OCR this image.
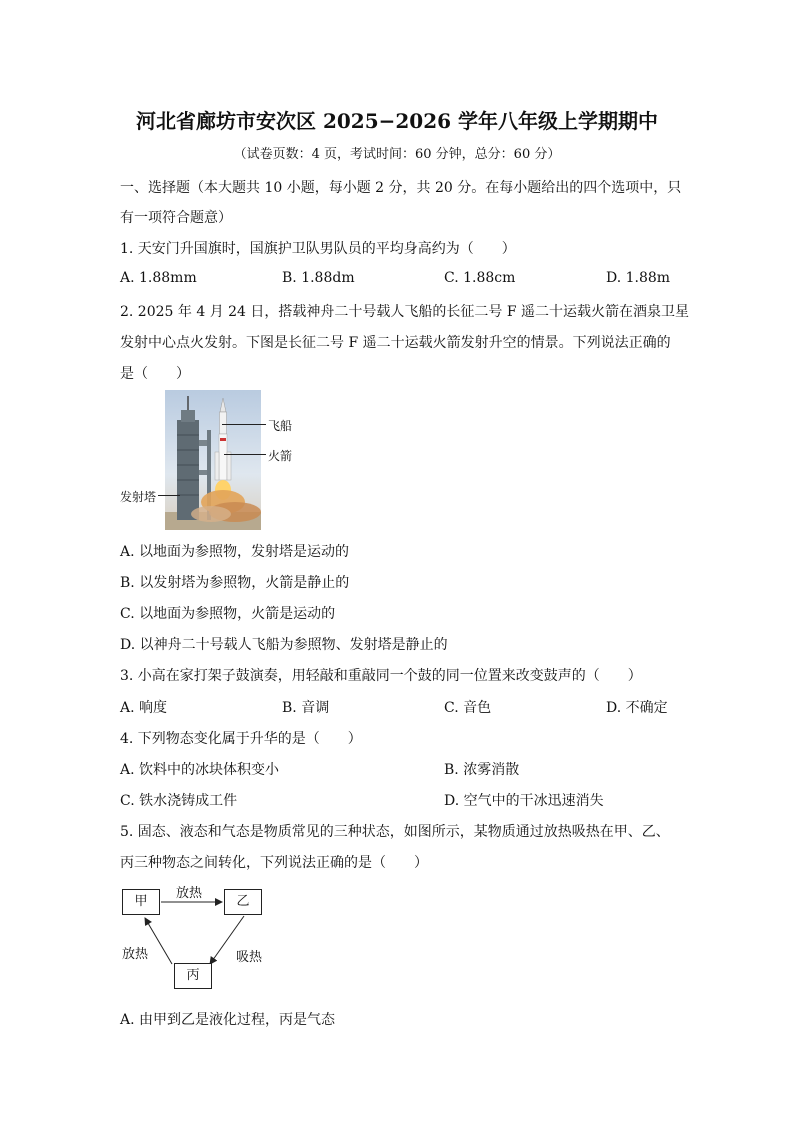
河北省廊坊市安次区 2025−2026 学年八年级上学期期中
（试卷页数：4 页，考试时间：60 分钟，总分：60 分）
一、选择题（本大题共 10 小题，每小题 2 分，共 20 分。在每小题给出的四个选项中，只
有一项符合题意）
1. 天安门升国旗时，国旗护卫队男队员的平均身高约为（　　）
A. 1.88mm	B. 1.88dm	C. 1.88cm	D. 1.88m
2. 2025 年 4 月 24 日，搭载神舟二十号载人飞船的长征二号 F 遥二十运载火箭在酒泉卫星
发射中心点火发射。下图是长征二号 F 遥二十运载火箭发射升空的情景。下列说法正确的
是（　　）
飞船
火箭
发射塔
A. 以地面为参照物，发射塔是运动的
B. 以发射塔为参照物，火箭是静止的
C. 以地面为参照物，火箭是运动的
D. 以神舟二十号载人飞船为参照物、发射塔是静止的
3. 小高在家打架子鼓演奏，用轻敲和重敲同一个鼓的同一位置来改变鼓声的（　　）
A. 响度	B. 音调	C. 音色	D. 不确定
4. 下列物态变化属于升华的是（　　）
A. 饮料中的冰块体积变小	B. 浓雾消散
C. 铁水浇铸成工件	D. 空气中的干冰迅速消失
5. 固态、液态和气态是物质常见的三种状态，如图所示，某物质通过放热吸热在甲、乙、
丙三种物态之间转化，下列说法正确的是（　　）
甲	乙
丙
放热
放热	吸热
A. 由甲到乙是液化过程，丙是气态
